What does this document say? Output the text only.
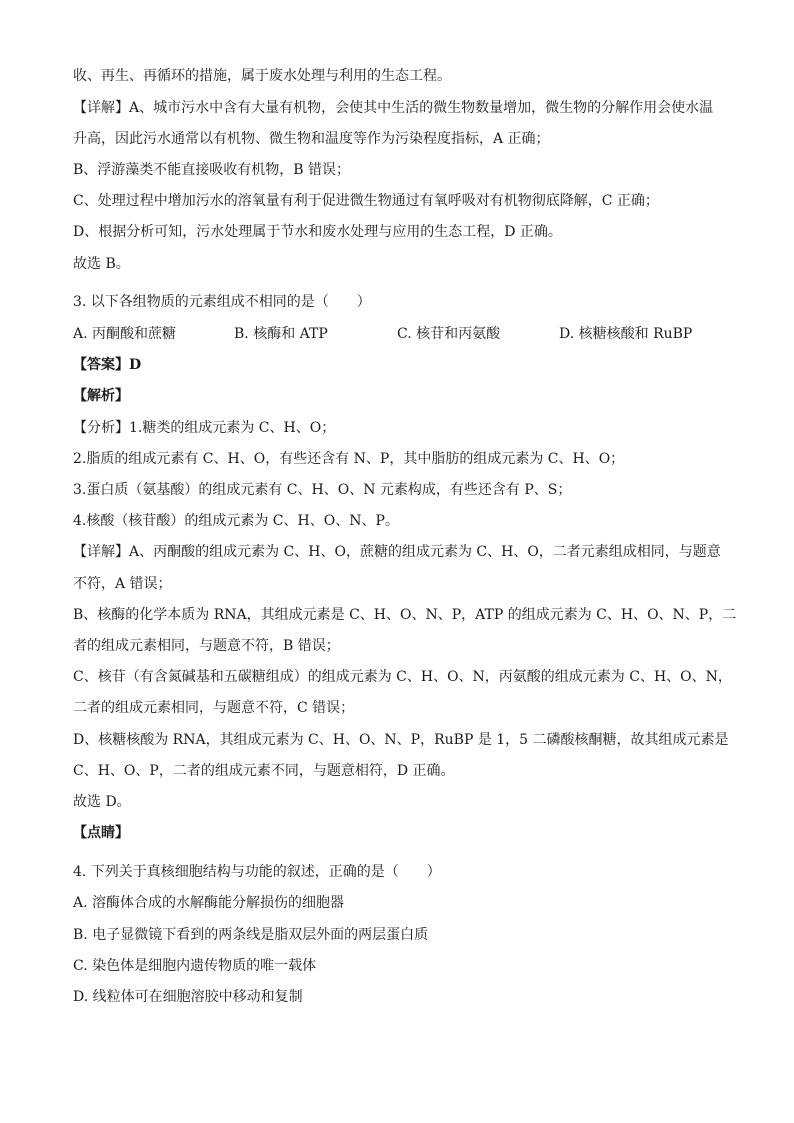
收、再生、再循环的措施，属于废水处理与利用的生态工程。
【详解】A、城市污水中含有大量有机物，会使其中生活的微生物数量增加，微生物的分解作用会使水温
升高，因此污水通常以有机物、微生物和温度等作为污染程度指标，A 正确；
B、浮游藻类不能直接吸收有机物，B 错误；
C、处理过程中增加污水的溶氧量有利于促进微生物通过有氧呼吸对有机物彻底降解，C 正确；
D、根据分析可知，污水处理属于节水和废水处理与应用的生态工程，D 正确。
故选 B。
3. 以下各组物质的元素组成不相同的是（　　）
A. 丙酮酸和蔗糖	B. 核酶和 ATP	C. 核苷和丙氨酸	D. 核糖核酸和 RuBP
【答案】D
【解析】
【分析】1.糖类的组成元素为 C、H、O；
2.脂质的组成元素有 C、H、O，有些还含有 N、P，其中脂肪的组成元素为 C、H、O；
3.蛋白质（氨基酸）的组成元素有 C、H、O、N 元素构成，有些还含有 P、S；
4.核酸（核苷酸）的组成元素为 C、H、O、N、P。
【详解】A、丙酮酸的组成元素为 C、H、O，蔗糖的组成元素为 C、H、O，二者元素组成相同，与题意
不符，A 错误；
B、核酶的化学本质为 RNA，其组成元素是 C、H、O、N、P，ATP 的组成元素为 C、H、O、N、P，二
者的组成元素相同，与题意不符，B 错误；
C、核苷（有含氮碱基和五碳糖组成）的组成元素为 C、H、O、N，丙氨酸的组成元素为 C、H、O、N，
二者的组成元素相同，与题意不符，C 错误；
D、核糖核酸为 RNA，其组成元素为 C、H、O、N、P，RuBP 是 1，5 二磷酸核酮糖，故其组成元素是
C、H、O、P，二者的组成元素不同，与题意相符，D 正确。
故选 D。
【点睛】
4. 下列关于真核细胞结构与功能的叙述，正确的是（　　）
A. 溶酶体合成的水解酶能分解损伤的细胞器
B. 电子显微镜下看到的两条线是脂双层外面的两层蛋白质
C. 染色体是细胞内遗传物质的唯一载体
D. 线粒体可在细胞溶胶中移动和复制
